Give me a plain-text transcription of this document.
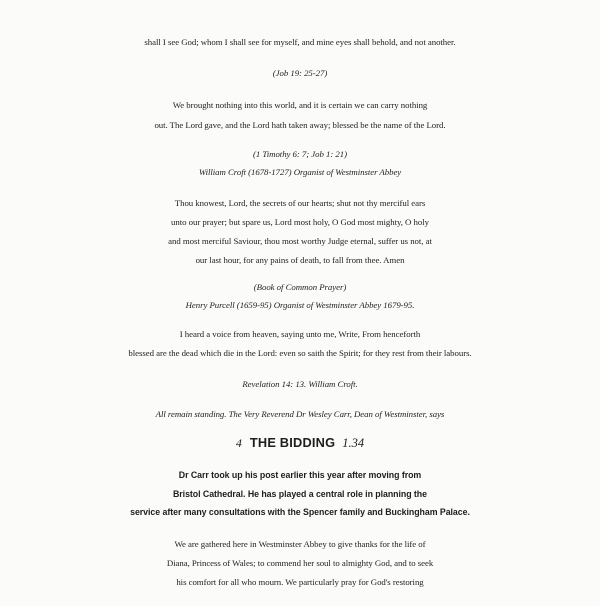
shall I see God; whom I shall see for myself, and mine eyes shall behold, and not another.
(Job 19: 25-27)
We brought nothing into this world, and it is certain we can carry nothing
out. The Lord gave, and the Lord hath taken away; blessed be the name of the Lord.
(1 Timothy 6: 7; Job 1: 21)
William Croft (1678-1727) Organist of Westminster Abbey
Thou knowest, Lord, the secrets of our hearts; shut not thy merciful ears
unto our prayer; but spare us, Lord most holy, O God most mighty, O holy
and most merciful Saviour, thou most worthy Judge eternal, suffer us not, at
our last hour, for any pains of death, to fall from thee. Amen
(Book of Common Prayer)
Henry Purcell (1659-95) Organist of Westminster Abbey 1679-95.
I heard a voice from heaven, saying unto me, Write, From henceforth
blessed are the dead which die in the Lord: even so saith the Spirit; for they rest from their labours.
Revelation 14: 13. William Croft.
All remain standing. The Very Reverend Dr Wesley Carr, Dean of Westminster, says
4 THE BIDDING 1.34
Dr Carr took up his post earlier this year after moving from
Bristol Cathedral. He has played a central role in planning the
service after many consultations with the Spencer family and Buckingham Palace.
We are gathered here in Westminster Abbey to give thanks for the life of
Diana, Princess of Wales; to commend her soul to almighty God, and to seek
his comfort for all who mourn. We particularly pray for God's restoring
